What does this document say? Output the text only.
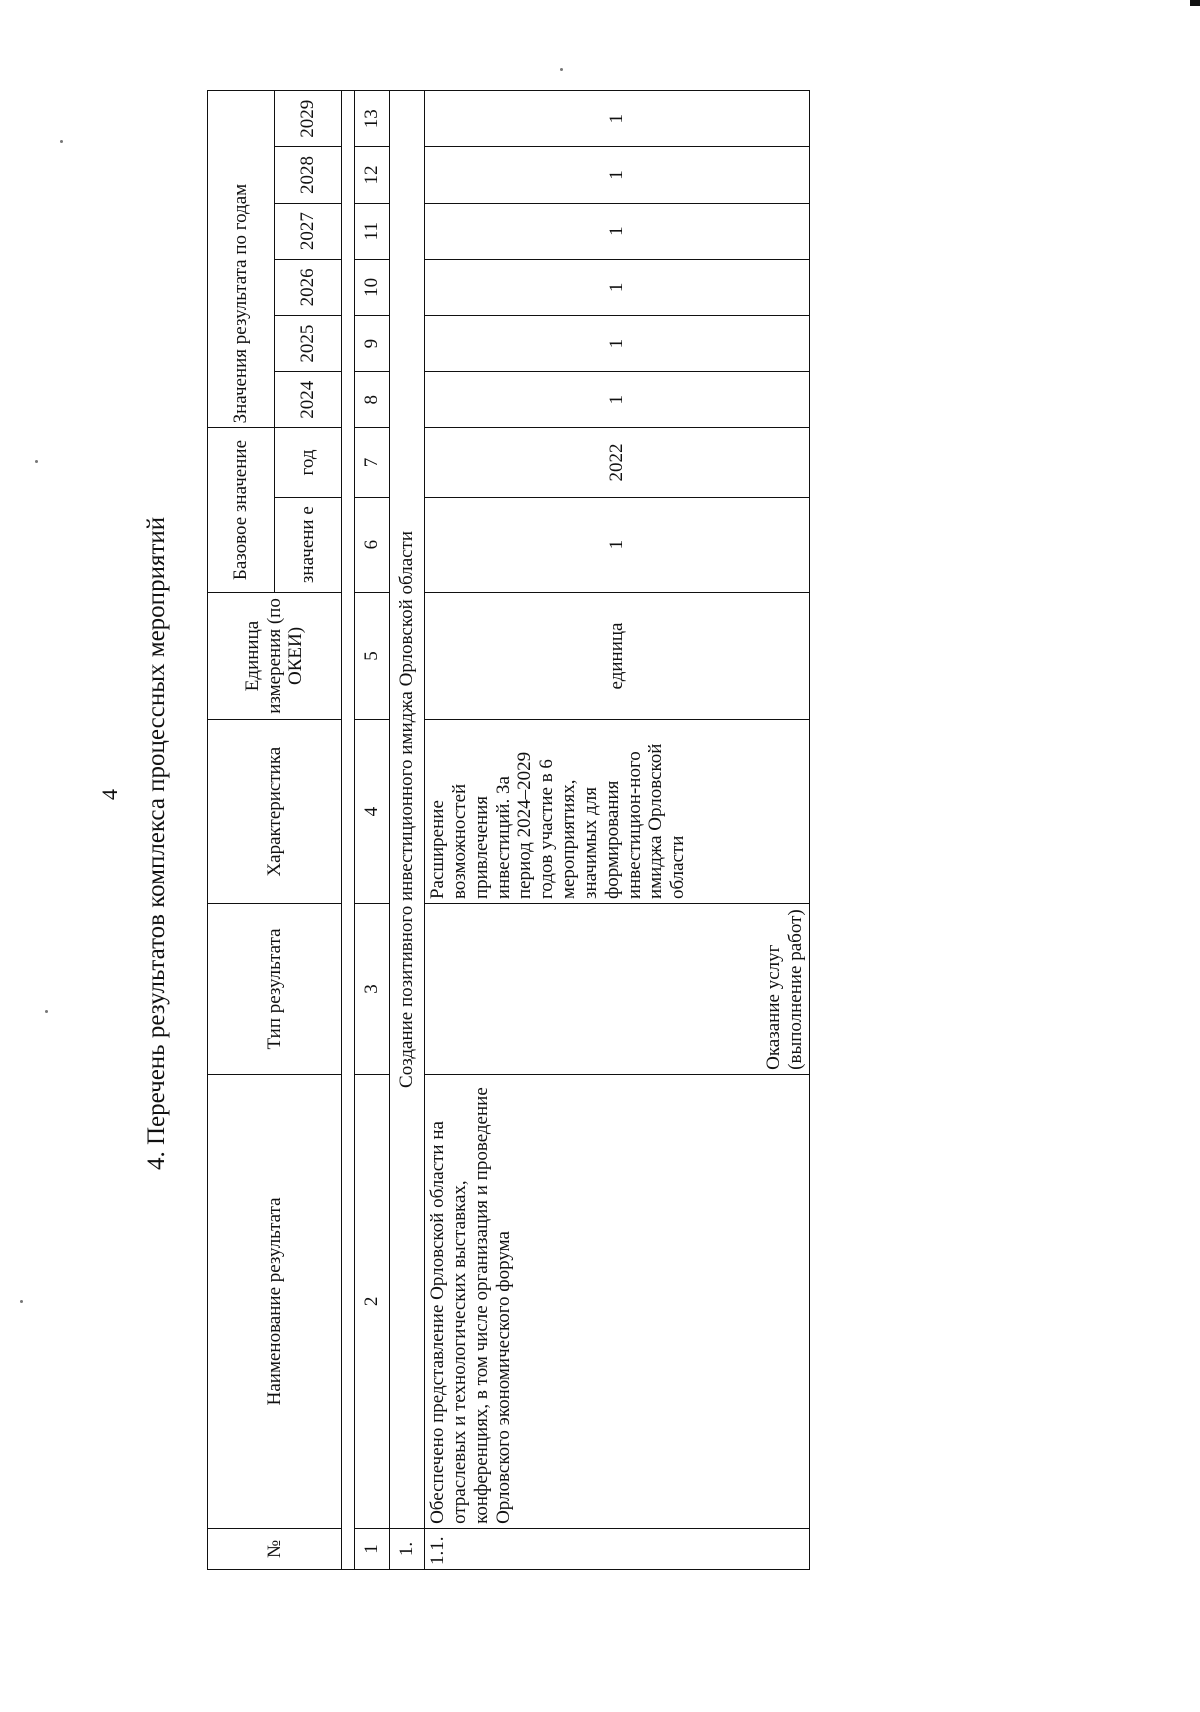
4 4. Перечень результатов комплекса процессных мероприятий
№	Наименование результата	Тип результата	Характеристика	Единица измерения (по ОКЕИ)	Базовое значение		Значения результата по годам					
					значени е	год	2024	2025	2026	2027	2028	2029

1	2	3	4	5	6	7	8	9	10	11	12	13
1.	Создание позитивного инвестиционного имиджа Орловской области											
1.1.	Обеспечено представление Орловской области на отраслевых и технологических выставках, конференциях, в том числе организация и проведение Орловского экономического форума	Оказание услуг (выполнение работ)	Расширение возможностей привлечения инвестиций. За период 2024–2029 годов участие в 6 мероприятиях, значимых для формирования инвестицион-ного имиджа Орловской области	единица	1	2022	1	1	1	1	1	1
